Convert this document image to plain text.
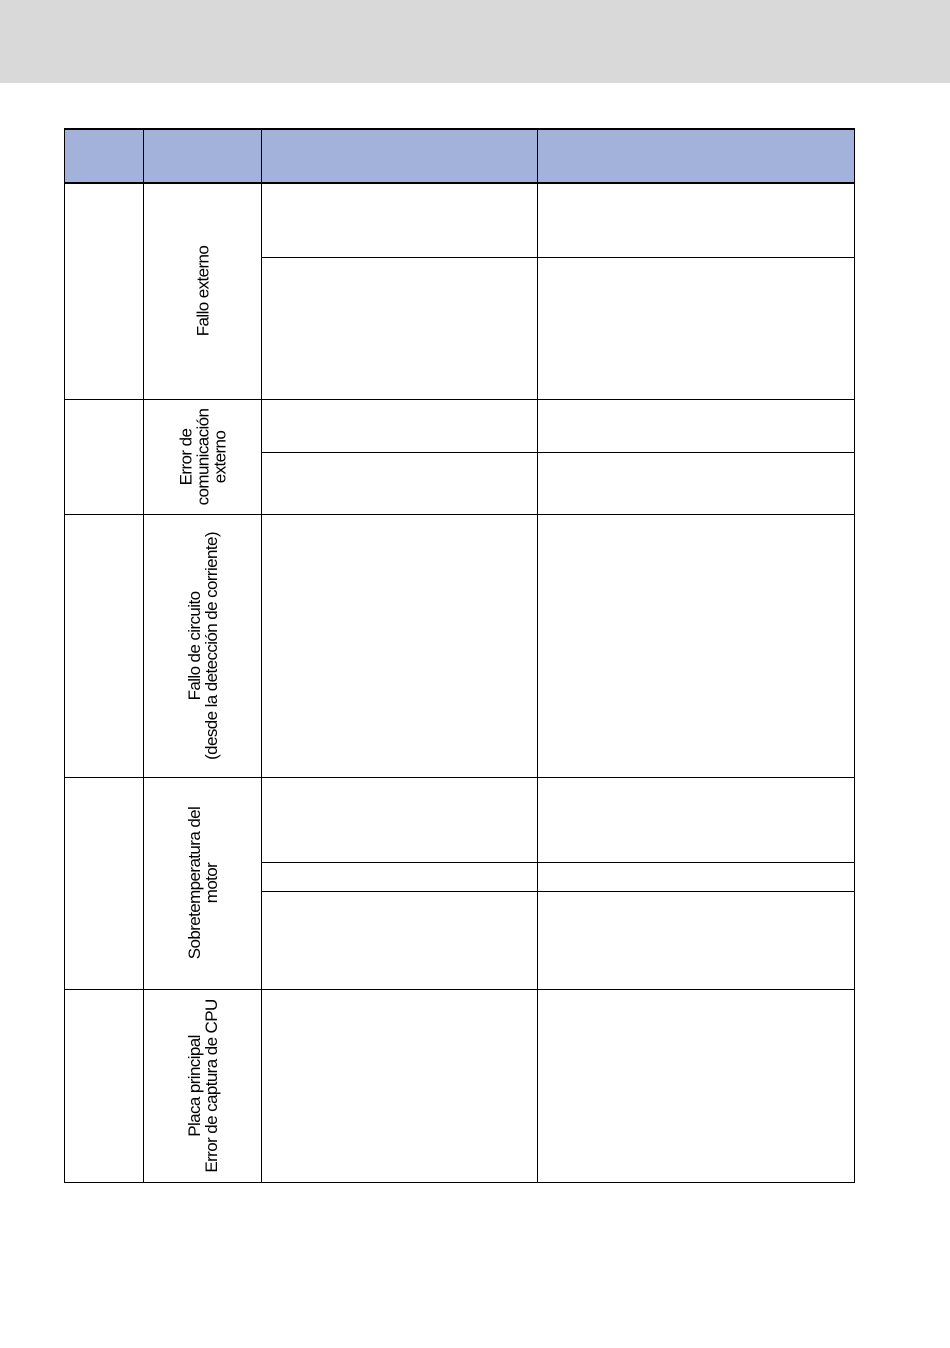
	Fallo externo		

	Error de
comunicación
externo		

	Fallo de circuito
(desde la detección de corriente)		

	Sobretemperatura del
motor		

	Placa principal
Error de captura de CPU		
